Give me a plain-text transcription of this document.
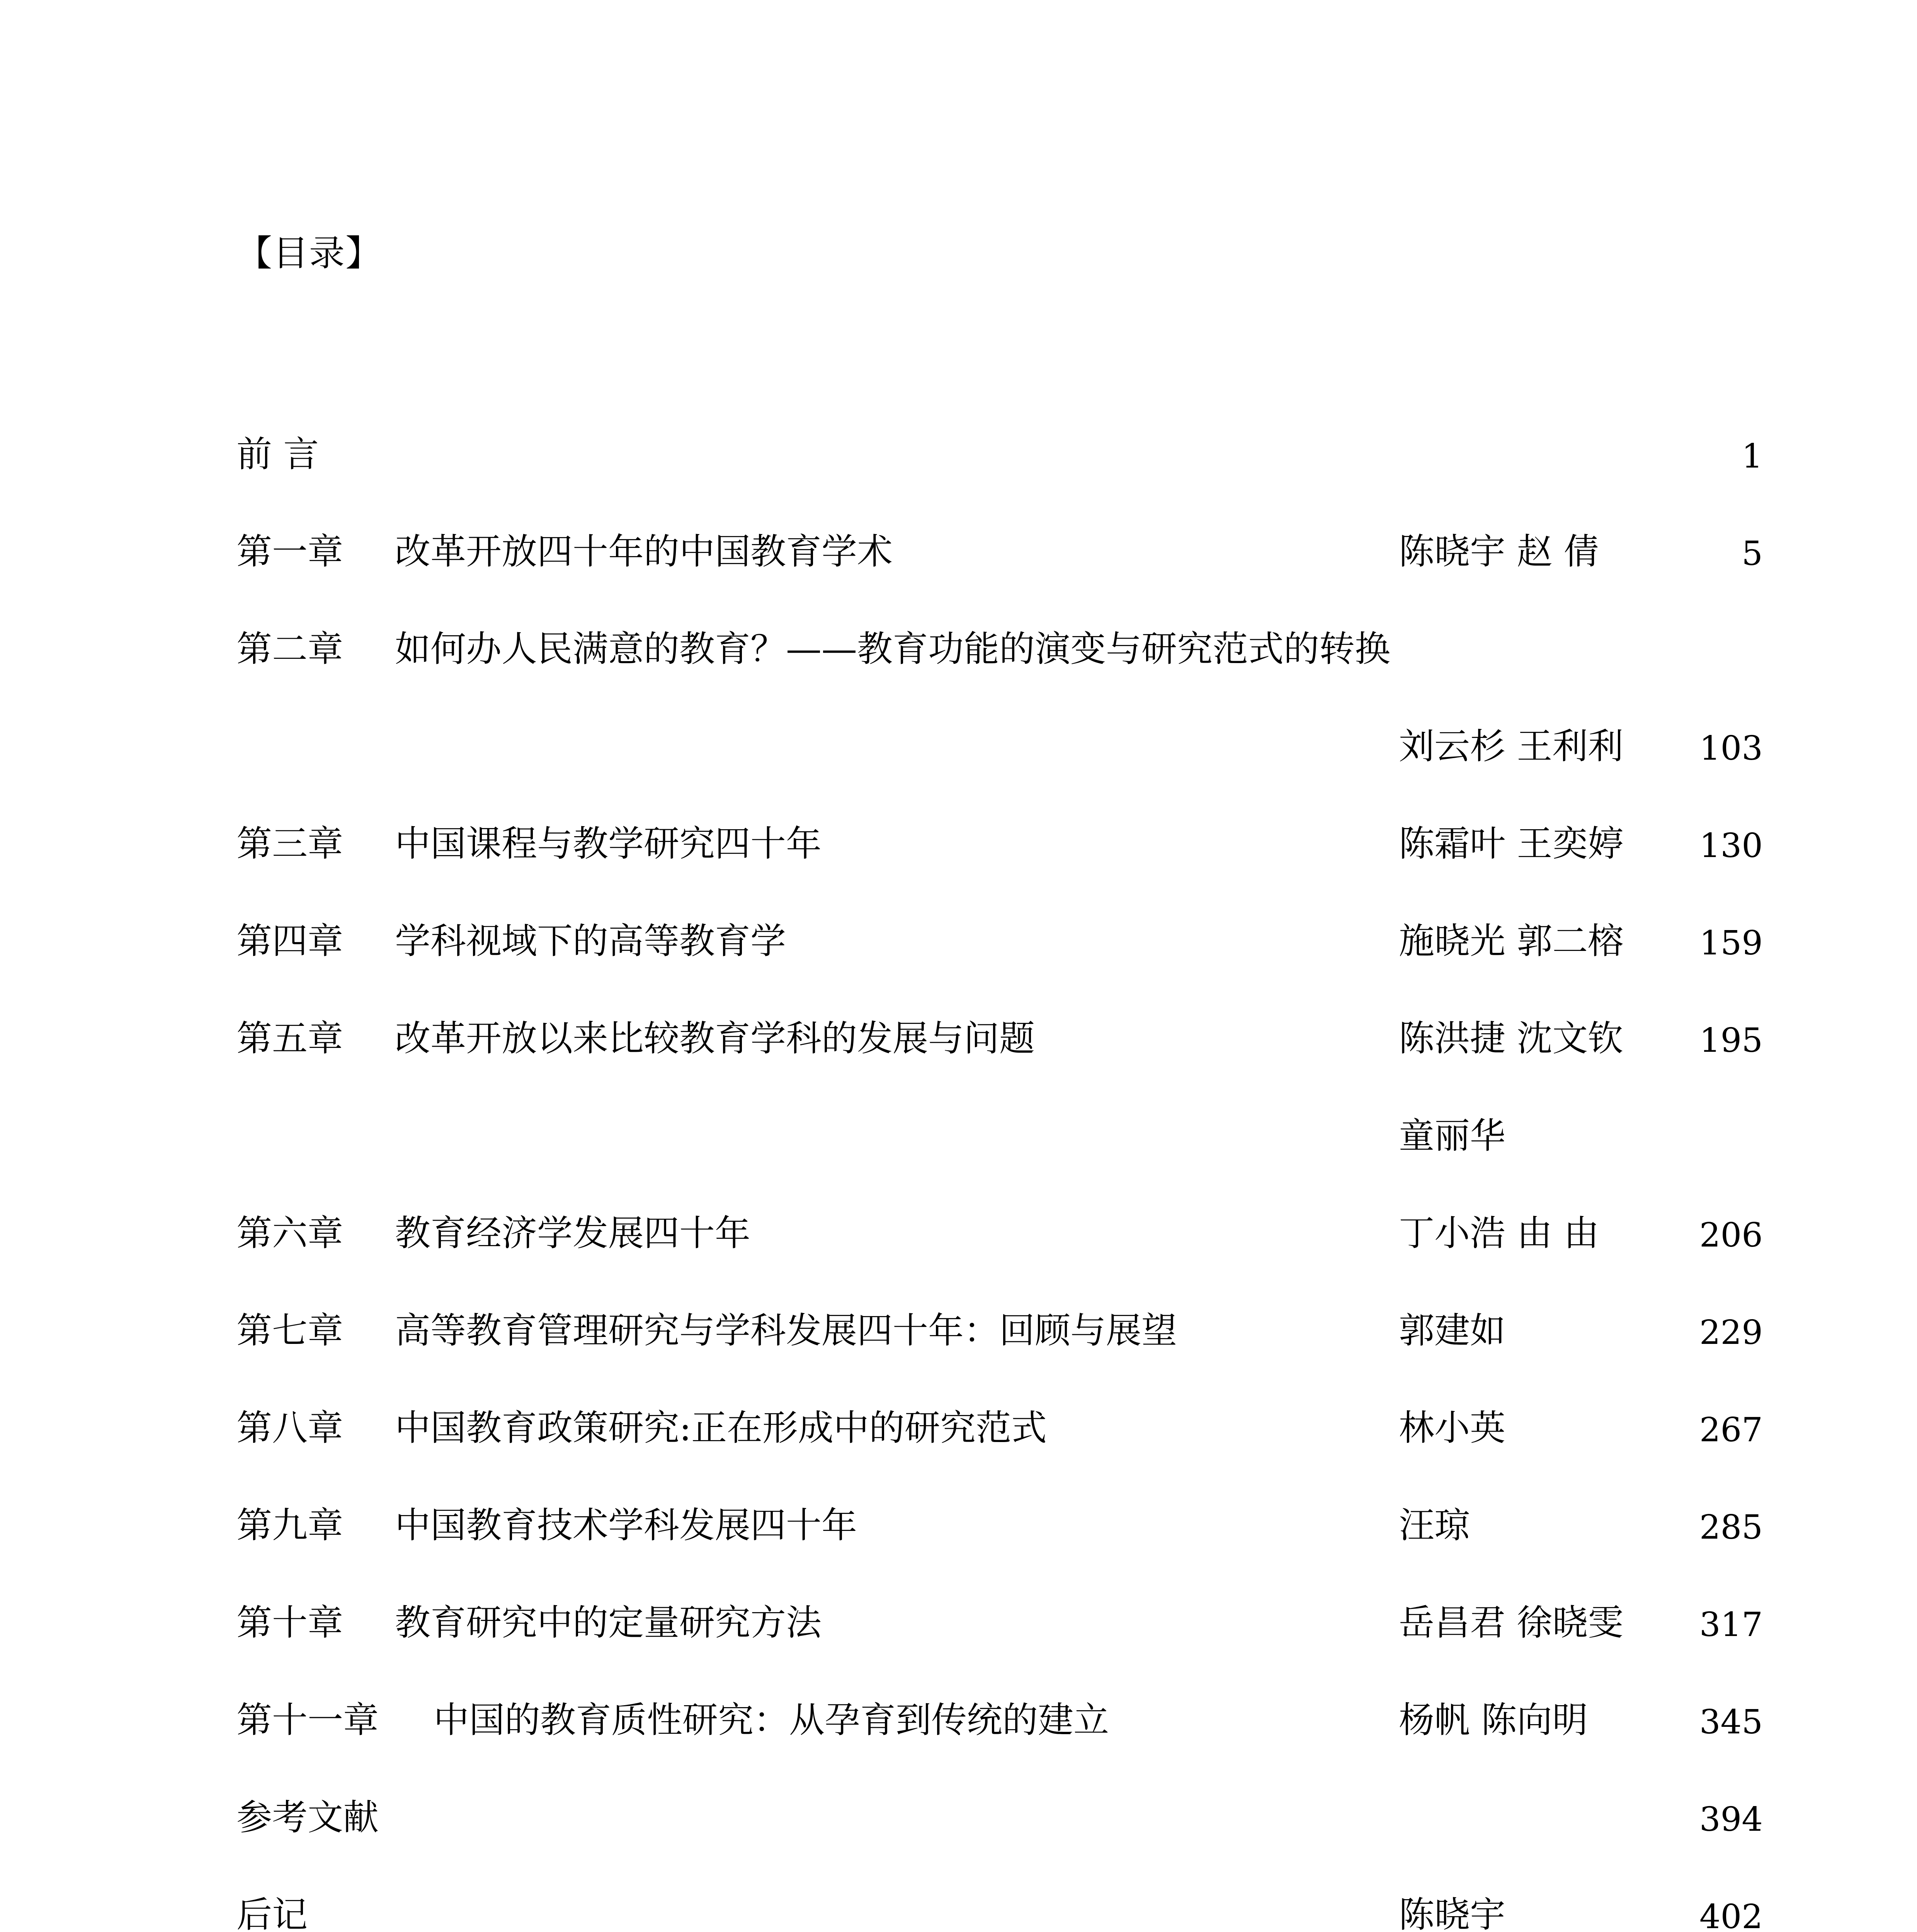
【目录】
前 言	1
第一章 改革开放四十年的中国教育学术	陈晓宇 赵 倩	5
第二章 如何办人民满意的教育？——教育功能的演变与研究范式的转换
刘云杉 王利利 103
第三章 中国课程与教学研究四十年	陈霜叶 王奕婷 130
第四章 学科视域下的高等教育学	施晓光 郭二榕 159
第五章 改革开放以来比较教育学科的发展与问题	陈洪捷 沈文钦 195
童丽华
第六章 教育经济学发展四十年	丁小浩 由 由	206
第七章 高等教育管理研究与学科发展四十年：回顾与展望	郭建如	229
第八章 中国教育政策研究:正在形成中的研究范式	林小英	267
第九章 中国教育技术学科发展四十年	汪琼	285
第十章 教育研究中的定量研究方法	岳昌君 徐晓雯 317
第十一章 中国的教育质性研究：从孕育到传统的建立	杨帆 陈向明	345
参考文献	394
后记	陈晓宇	402
